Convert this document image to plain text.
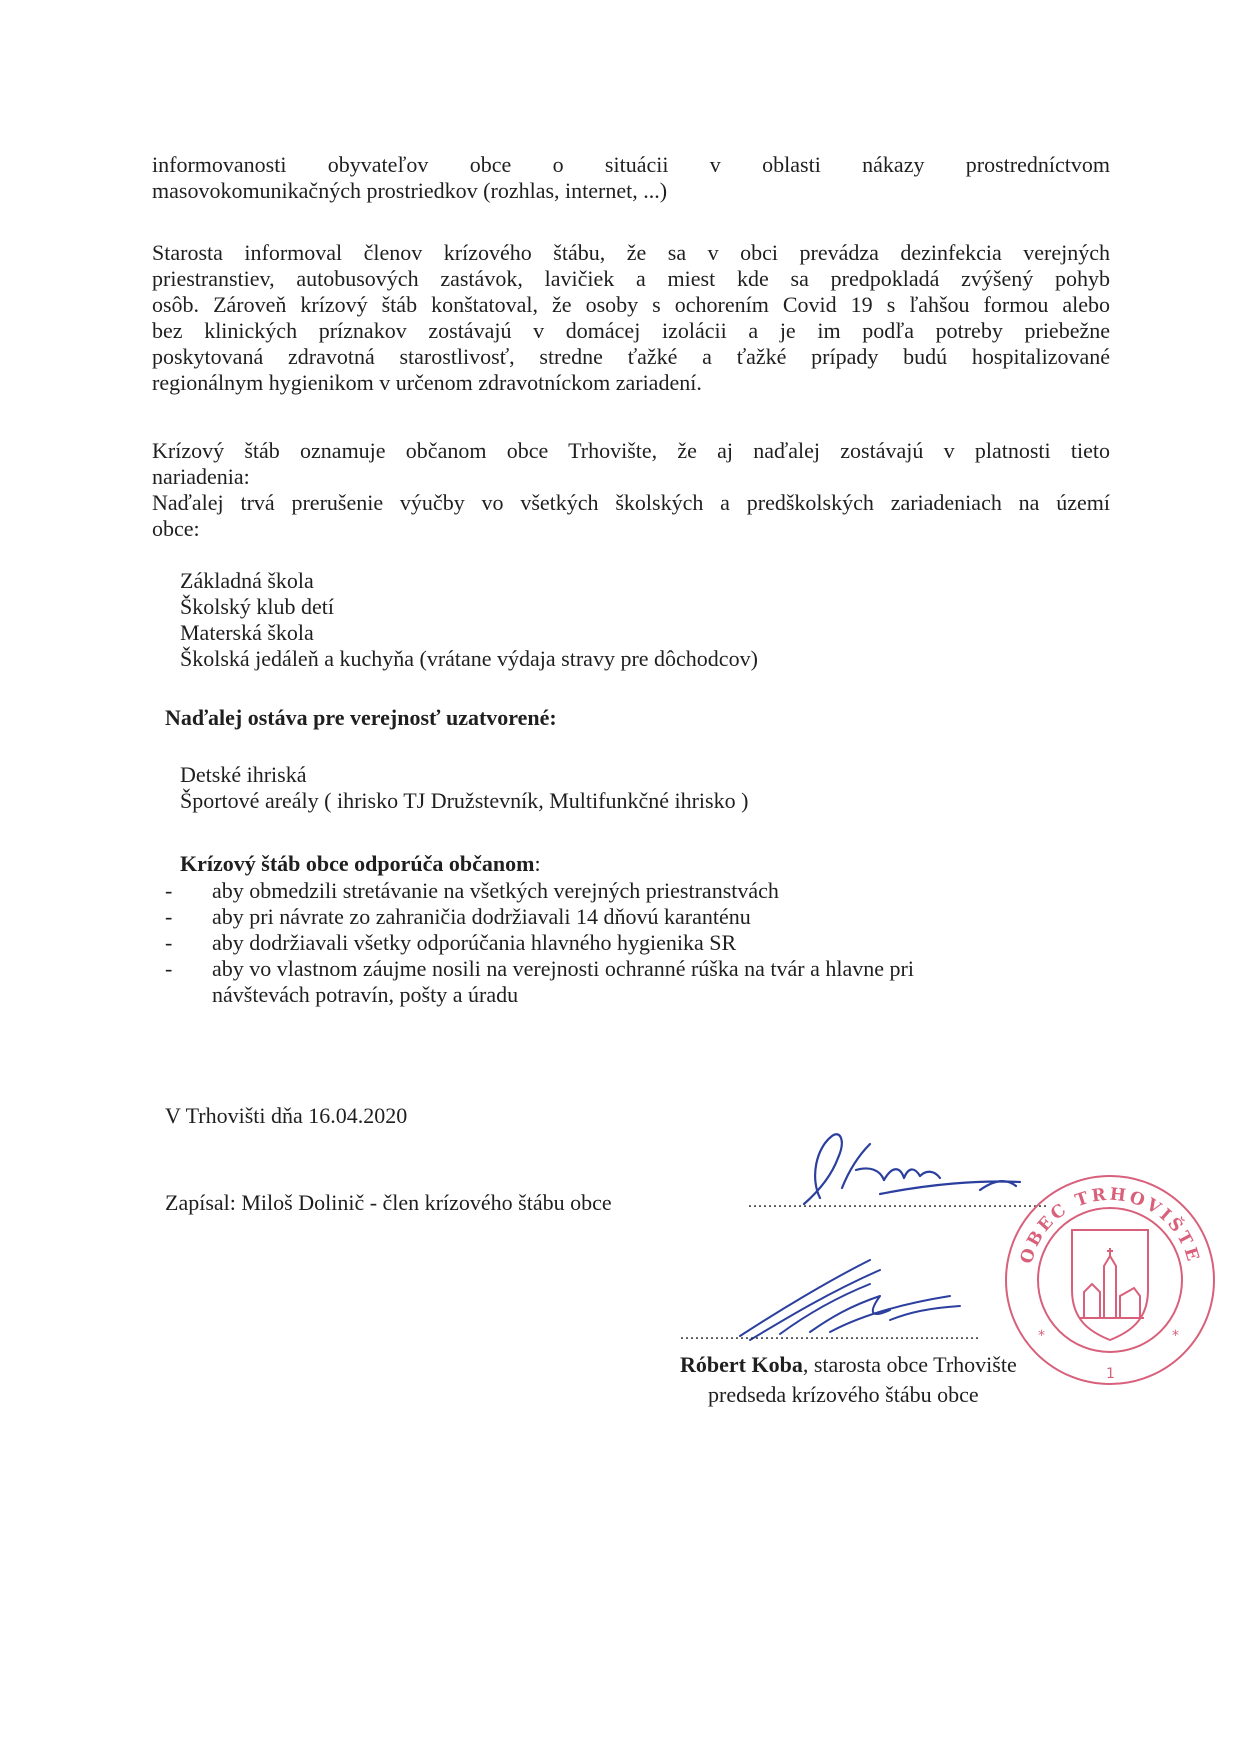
informovanosti obyvateľov obce o situácii v oblasti nákazy prostredníctvom
masovokomunikačných prostriedkov (rozhlas, internet, ...)
Starosta informoval členov krízového štábu, že sa v obci prevádza dezinfekcia verejných
priestranstiev, autobusových zastávok, lavičiek a miest kde sa predpokladá zvýšený pohyb
osôb. Zároveň krízový štáb konštatoval, že osoby s ochorením Covid 19 s ľahšou formou alebo
bez klinických príznakov zostávajú v domácej izolácii a je im podľa potreby priebežne
poskytovaná zdravotná starostlivosť, stredne ťažké a ťažké prípady budú hospitalizované
regionálnym hygienikom v určenom zdravotníckom zariadení.
Krízový štáb oznamuje občanom obce Trhovište, že aj naďalej zostávajú v platnosti tieto
nariadenia:
Naďalej trvá prerušenie výučby vo všetkých školských a predškolských zariadeniach na území
obce:
Základná škola
Školský klub detí
Materská škola
Školská jedáleň a kuchyňa (vrátane výdaja stravy pre dôchodcov)
Naďalej ostáva pre verejnosť uzatvorené:
Detské ihriská
Športové areály ( ihrisko TJ Družstevník, Multifunkčné ihrisko )
Krízový štáb obce odporúča občanom:
-	aby obmedzili stretávanie na všetkých verejných priestranstvách
-	aby pri návrate zo zahraničia dodržiavali 14 dňovú karanténu
-	aby dodržiavali všetky odporúčania hlavného hygienika SR
-	aby vo vlastnom záujme nosili na verejnosti ochranné rúška na tvár a hlavne pri návštevách potravín, pošty a úradu
V Trhovišti dňa 16.04.2020
Zapísal: Miloš Dolinič - člen krízového štábu obce	............................................................
............................................................
Róbert Koba, starosta obce Trhovište
predseda krízového štábu obce
OBEC TRHOVIŠTE
*	*
1
